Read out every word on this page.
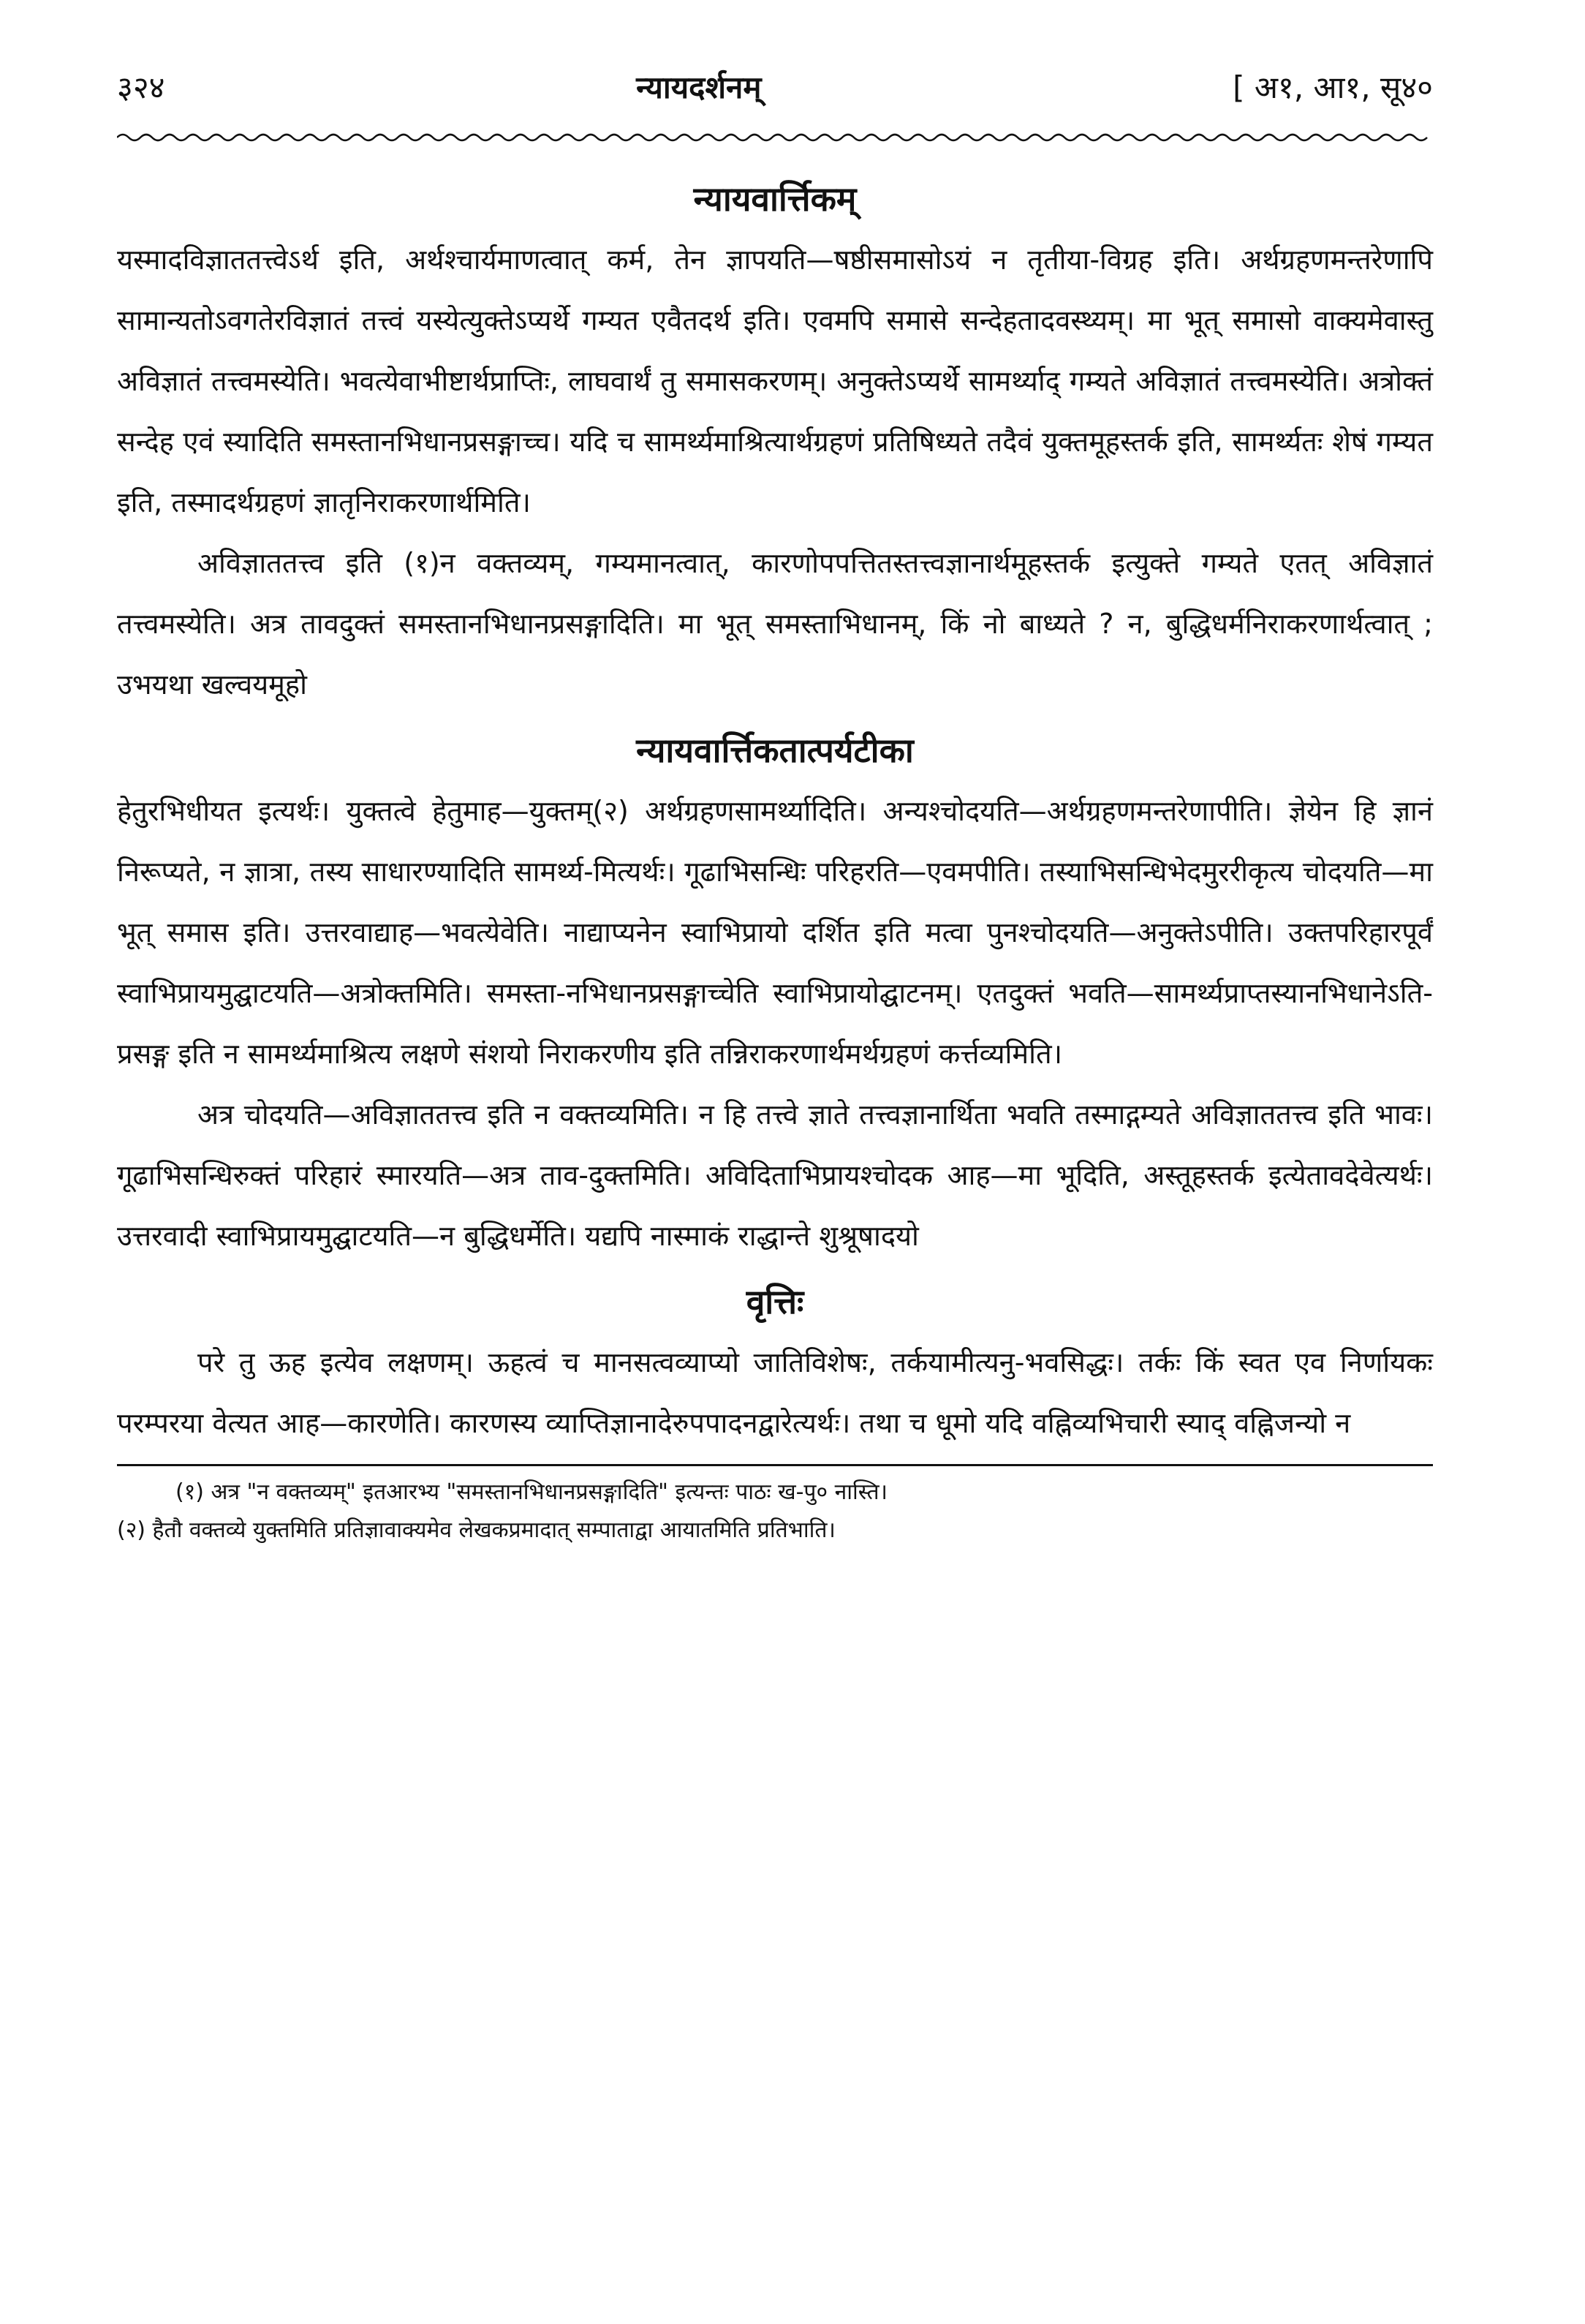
३२४	न्यायदर्शनम्	[ अ१, आ१, सू४०
न्यायवार्त्तिकम्

यस्मादविज्ञाततत्त्वेऽर्थ इति, अर्थश्चार्यमाणत्वात् कर्म, तेन ज्ञापयति—षष्ठीसमासोऽयं न तृतीया-विग्रह इति। अर्थग्रहणमन्तरेणापि सामान्यतोऽवगतेरविज्ञातं तत्त्वं यस्येत्युक्तेऽप्यर्थे गम्यत एवैतदर्थ इति। एवमपि समासे सन्देहतादवस्थ्यम्। मा भूत् समासो वाक्यमेवास्तु अविज्ञातं तत्त्वमस्येति। भवत्येवाभीष्टार्थप्राप्तिः, लाघवार्थं तु समासकरणम्। अनुक्तेऽप्यर्थे सामर्थ्याद् गम्यते अविज्ञातं तत्त्वमस्येति। अत्रोक्तं सन्देह एवं स्यादिति समस्तानभिधानप्रसङ्गाच्च। यदि च सामर्थ्यमाश्रित्यार्थग्रहणं प्रतिषिध्यते तदैवं युक्तमूहस्तर्क इति, सामर्थ्यतः शेषं गम्यत इति, तस्मादर्थग्रहणं ज्ञातृनिराकरणार्थमिति।

अविज्ञाततत्त्व इति (१)न वक्तव्यम्, गम्यमानत्वात्, कारणोपपत्तितस्तत्त्वज्ञानार्थमूहस्तर्क इत्युक्ते गम्यते एतत् अविज्ञातं तत्त्वमस्येति। अत्र तावदुक्तं समस्तानभिधानप्रसङ्गादिति। मा भूत् समस्ताभिधानम्, किं नो बाध्यते ? न, बुद्धिधर्मनिराकरणार्थत्वात् ; उभयथा खल्वयमूहो

न्यायवार्त्तिकतात्पर्यटीका

हेतुरभिधीयत इत्यर्थः। युक्तत्वे हेतुमाह—युक्तम्(२) अर्थग्रहणसामर्थ्यादिति। अन्यश्चोदयति—अर्थग्रहणमन्तरेणापीति। ज्ञेयेन हि ज्ञानं निरूप्यते, न ज्ञात्रा, तस्य साधारण्यादिति सामर्थ्य-मित्यर्थः। गूढाभिसन्धिः परिहरति—एवमपीति। तस्याभिसन्धिभेदमुररीकृत्य चोदयति—मा भूत् समास इति। उत्तरवाद्याह—भवत्येवेति। नाद्याप्यनेन स्वाभिप्रायो दर्शित इति मत्वा पुनश्चोदयति—अनुक्तेऽपीति। उक्तपरिहारपूर्वं स्वाभिप्रायमुद्घाटयति—अत्रोक्तमिति। समस्ता-नभिधानप्रसङ्गाच्चेति स्वाभिप्रायोद्घाटनम्। एतदुक्तं भवति—सामर्थ्यप्राप्तस्यानभिधानेऽति-प्रसङ्ग इति न सामर्थ्यमाश्रित्य लक्षणे संशयो निराकरणीय इति तन्निराकरणार्थमर्थग्रहणं कर्त्तव्यमिति।

अत्र चोदयति—अविज्ञाततत्त्व इति न वक्तव्यमिति। न हि तत्त्वे ज्ञाते तत्त्वज्ञानार्थिता भवति तस्माद्गम्यते अविज्ञाततत्त्व इति भावः। गूढाभिसन्धिरुक्तं परिहारं स्मारयति—अत्र ताव-दुक्तमिति। अविदिताभिप्रायश्चोदक आह—मा भूदिति, अस्तूहस्तर्क इत्येतावदेवेत्यर्थः। उत्तरवादी स्वाभिप्रायमुद्घाटयति—न बुद्धिधर्मेति। यद्यपि नास्माकं राद्धान्ते शुश्रूषादयो

वृत्तिः

परे तु ऊह इत्येव लक्षणम्। ऊहत्वं च मानसत्वव्याप्यो जातिविशेषः, तर्कयामीत्यनु-भवसिद्धः। तर्कः किं स्वत एव निर्णायकः परम्परया वेत्यत आह—कारणेति। कारणस्य व्याप्तिज्ञानादेरुपपादनद्वारेत्यर्थः। तथा च धूमो यदि वह्निव्यभिचारी स्याद् वह्निजन्यो न

(१) अत्र "न वक्तव्यम्" इतआरभ्य "समस्तानभिधानप्रसङ्गादिति" इत्यन्तः पाठः ख-पु० नास्ति।

(२) हैतौ वक्तव्ये युक्तमिति प्रतिज्ञावाक्यमेव लेखकप्रमादात् सम्पाताद्वा आयातमिति प्रतिभाति।
